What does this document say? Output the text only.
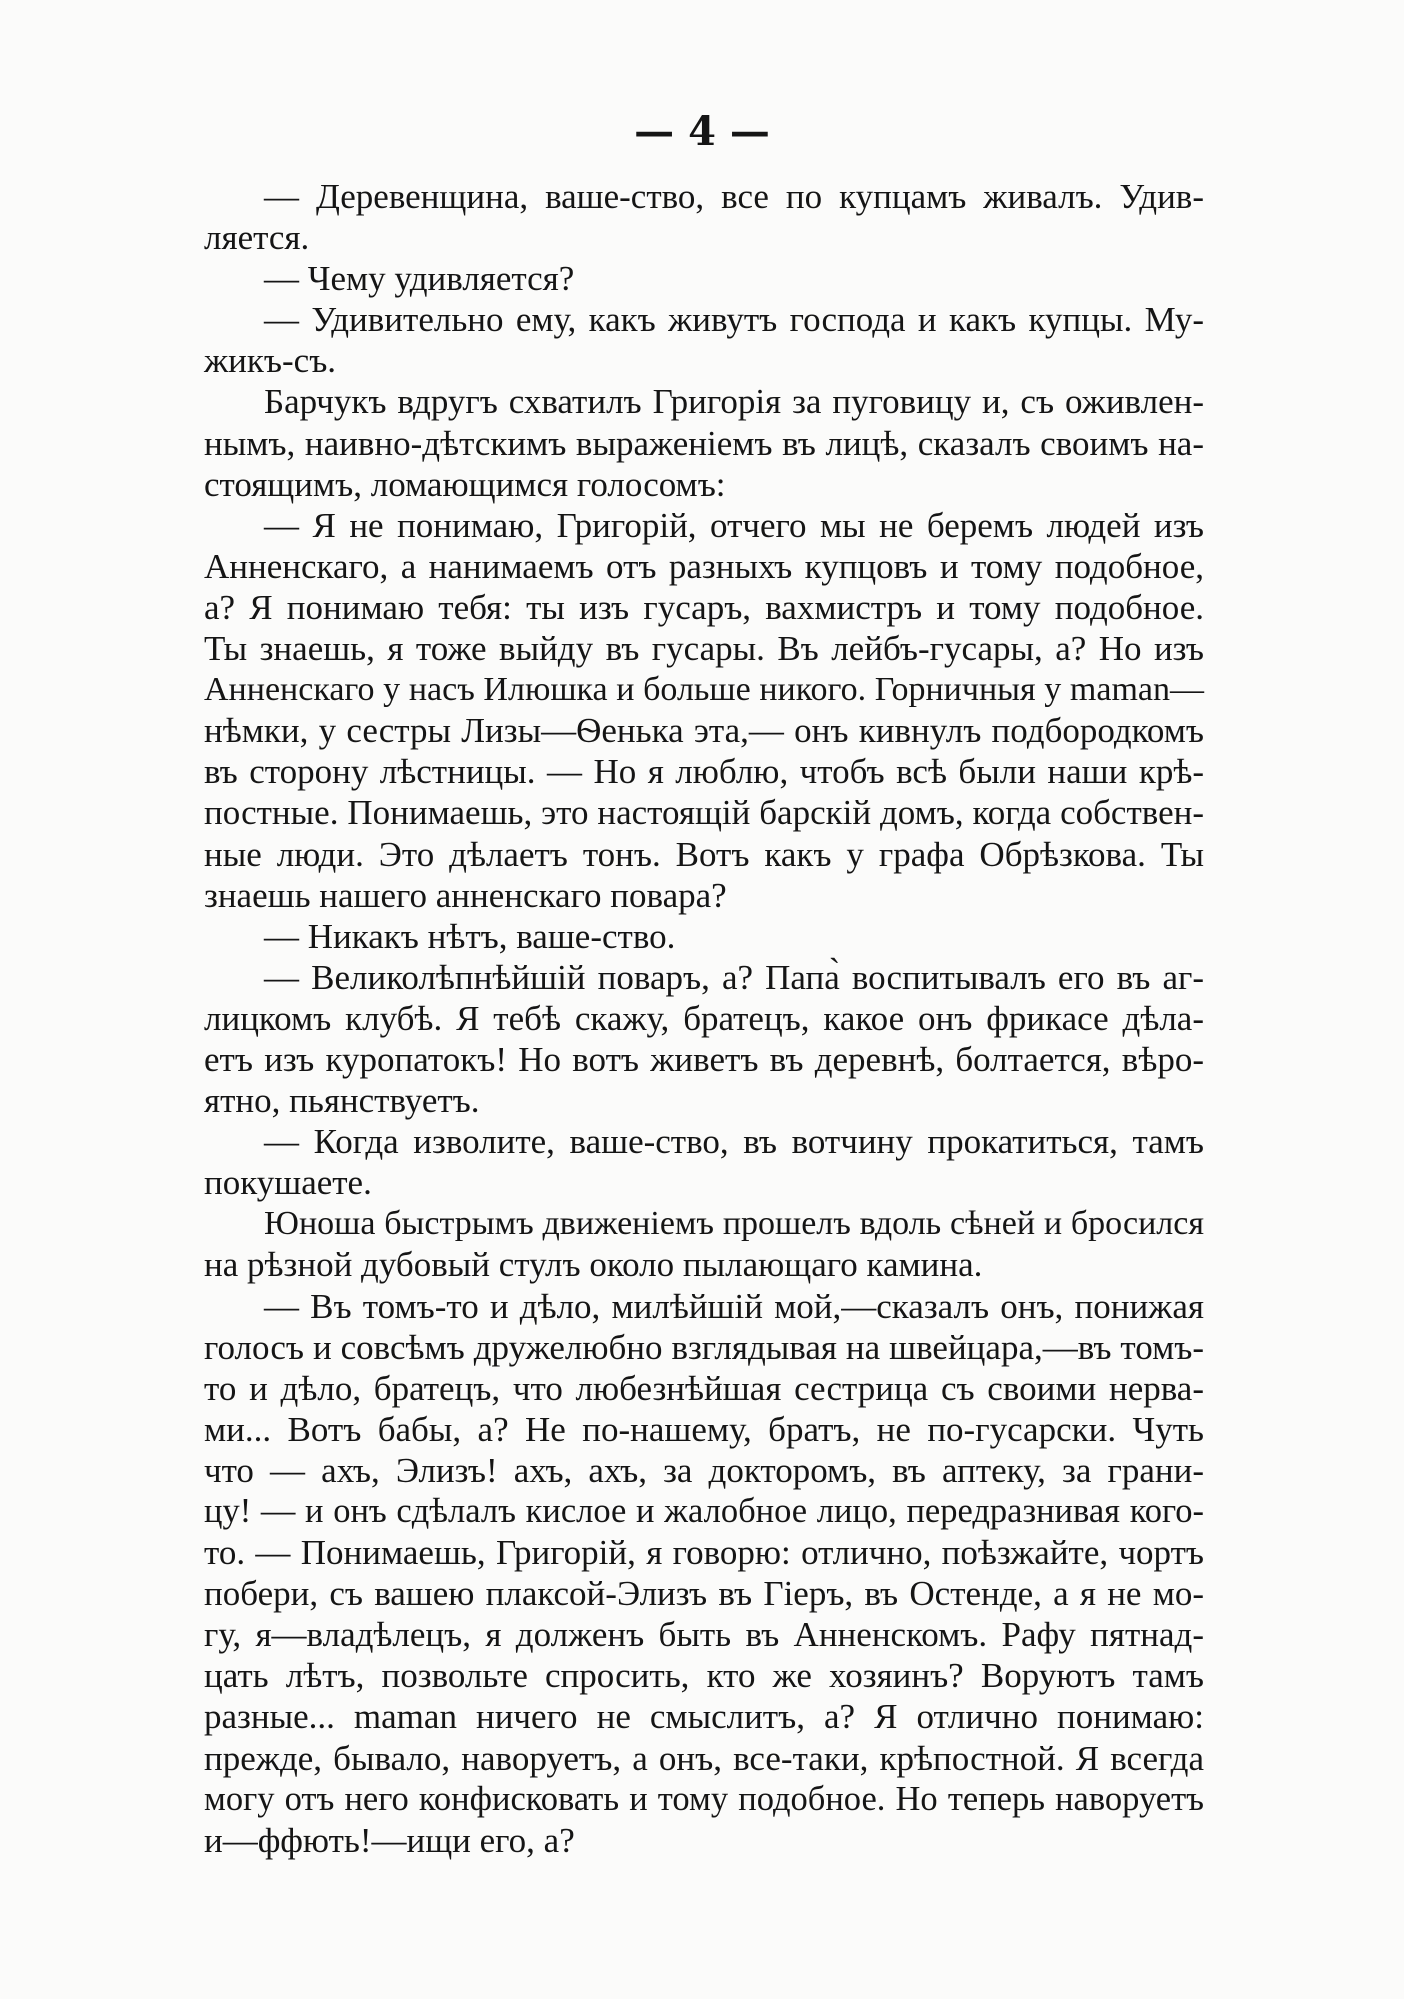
— 4 —
— Деревенщина, ваше-ство, все по купцамъ живалъ. Удив-
ляется.
— Чему удивляется?
— Удивительно ему, какъ живутъ господа и какъ купцы. Му-
жикъ-съ.
Барчукъ вдругъ схватилъ Григорія за пуговицу и, съ оживлен-
нымъ, наивно-дѣтскимъ выраженіемъ въ лицѣ, сказалъ своимъ на-
стоящимъ, ломающимся голосомъ:
— Я не понимаю, Григорій, отчего мы не беремъ людей изъ
Анненскаго, а нанимаемъ отъ разныхъ купцовъ и тому подобное,
а? Я понимаю тебя: ты изъ гусаръ, вахмистръ и тому подобное.
Ты знаешь, я тоже выйду въ гусары. Въ лейбъ-гусары, а? Но изъ
Анненскаго у насъ Илюшка и больше никого. Горничныя у maman—
нѣмки, у сестры Лизы—Ѳенька эта,— онъ кивнулъ подбородкомъ
въ сторону лѣстницы. — Но я люблю, чтобъ всѣ были наши крѣ-
постные. Понимаешь, это настоящій барскій домъ, когда собствен-
ные люди. Это дѣлаетъ тонъ. Вотъ какъ у графа Обрѣзкова. Ты
знаешь нашего анненскаго повара?
— Никакъ нѣтъ, ваше-ство.
— Великолѣпнѣйшій поваръ, а? Папа̀ воспитывалъ его въ аг-
лицкомъ клубѣ. Я тебѣ скажу, братецъ, какое онъ фрикасе дѣла-
етъ изъ куропатокъ! Но вотъ живетъ въ деревнѣ, болтается, вѣро-
ятно, пьянствуетъ.
— Когда изволите, ваше-ство, въ вотчину прокатиться, тамъ
покушаете.
Юноша быстрымъ движеніемъ прошелъ вдоль сѣней и бросился
на рѣзной дубовый стулъ около пылающаго камина.
— Въ томъ-то и дѣло, милѣйшій мой,—сказалъ онъ, понижая
голосъ и совсѣмъ дружелюбно взглядывая на швейцара,—въ томъ-
то и дѣло, братецъ, что любезнѣйшая сестрица съ своими нерва-
ми... Вотъ бабы, а? Не по-нашему, братъ, не по-гусарски. Чуть
что — ахъ, Элизъ! ахъ, ахъ, за докторомъ, въ аптеку, за грани-
цу! — и онъ сдѣлалъ кислое и жалобное лицо, передразнивая кого-
то. — Понимаешь, Григорій, я говорю: отлично, поѣзжайте, чортъ
побери, съ вашею плаксой-Элизъ въ Гіеръ, въ Остенде, а я не мо-
гу, я—владѣлецъ, я долженъ быть въ Анненскомъ. Рафу пятнад-
цать лѣтъ, позвольте спросить, кто же хозяинъ? Воруютъ тамъ
разные... maman ничего не смыслитъ, а? Я отлично понимаю:
прежде, бывало, наворуетъ, а онъ, все-таки, крѣпостной. Я всегда
могу отъ него конфисковать и тому подобное. Но теперь наворуетъ
и—ффють!—ищи его, а?
